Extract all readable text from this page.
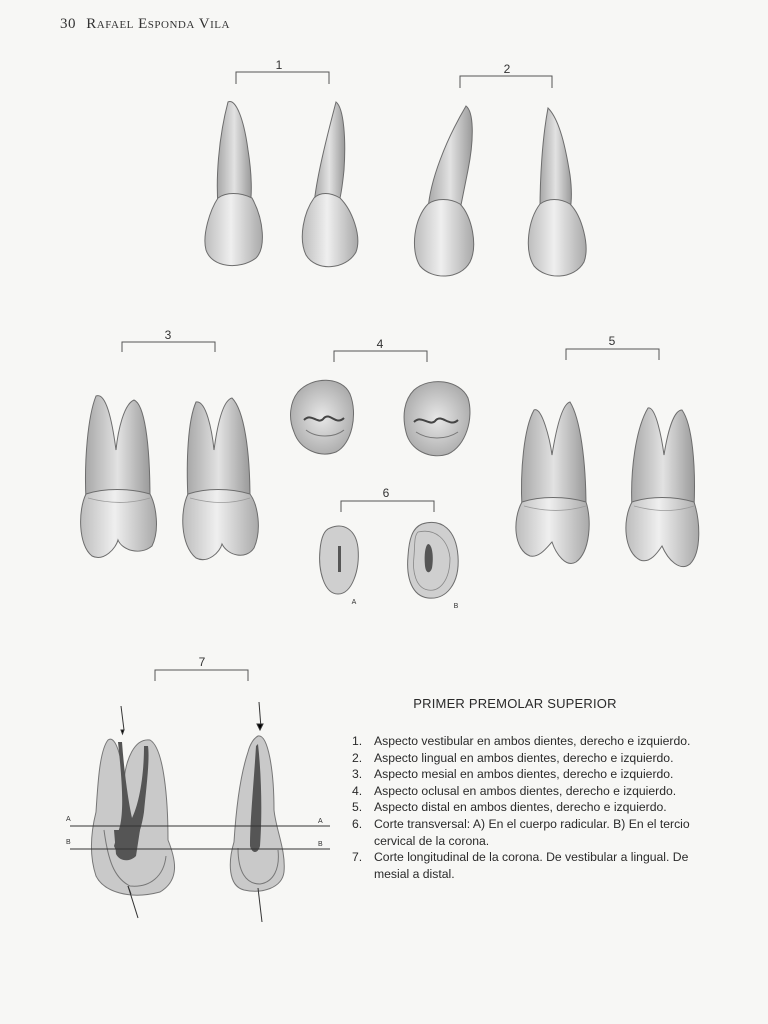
30 Rafael Esponda Vila
1	2
3
4	5
6
A
B
7
A
B
A
B
PRIMER PREMOLAR SUPERIOR
1. Aspecto vestibular en ambos dientes, derecho e izquierdo.
2. Aspecto lingual en ambos dientes, derecho e izquierdo.
3. Aspecto mesial en ambos dientes, derecho e izquierdo.
4. Aspecto oclusal en ambos dientes, derecho e izquierdo.
5. Aspecto distal en ambos dientes, derecho e izquierdo.
6. Corte transversal: A) En el cuerpo radicular. B) En el tercio cervical de la corona.
7. Corte longitudinal de la corona. De vestibular a lingual. De mesial a distal.
